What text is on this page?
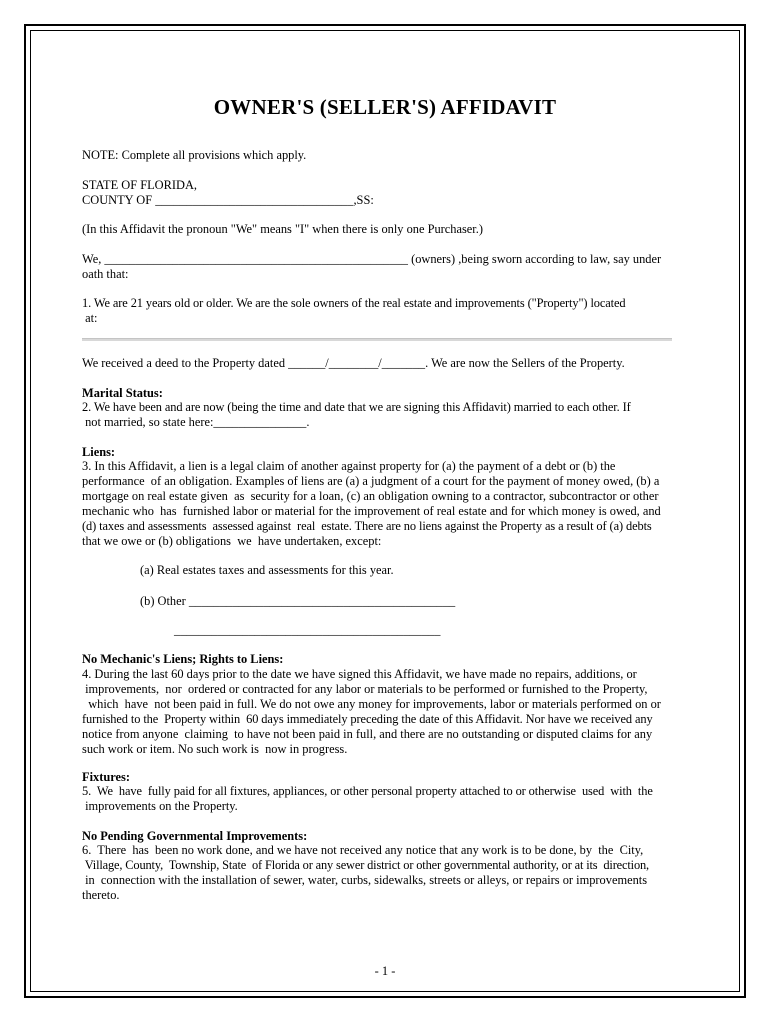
OWNER'S (SELLER'S) AFFIDAVIT
NOTE: Complete all provisions which apply.
STATE OF FLORIDA,
COUNTY OF ________________________________,SS:
(In this Affidavit the pronoun "We" means "I" when there is only one Purchaser.)
We, _________________________________________________ (owners) ,being sworn according to law, say under
oath that:
1. We are 21 years old or older. We are the sole owners of the real estate and improvements ("Property") located
at:
We received a deed to the Property dated ______/________/_______. We are now the Sellers of the Property.
Marital Status:
2. We have been and are now (being the time and date that we are signing this Affidavit) married to each other. If
not married, so state here:_______________.
Liens:
3. In this Affidavit, a lien is a legal claim of another against property for (a) the payment of a debt or (b) the
performance  of an obligation. Examples of liens are (a) a judgment of a court for the payment of money owed, (b) a
mortgage on real estate given  as  security for a loan, (c) an obligation owning to a contractor, subcontractor or other
mechanic who  has  furnished labor or material for the improvement of real estate and for which money is owed, and
(d) taxes and assessments  assessed against  real  estate. There are no liens against the Property as a result of (a) debts
that we owe or (b) obligations  we  have undertaken, except:
(a) Real estates taxes and assessments for this year.
(b) Other ___________________________________________
___________________________________________
No Mechanic's Liens; Rights to Liens:
4. During the last 60 days prior to the date we have signed this Affidavit, we have made no repairs, additions, or
improvements,  nor  ordered or contracted for any labor or materials to be performed or furnished to the Property,
which  have  not been paid in full. We do not owe any money for improvements, labor or materials performed on or
furnished to the  Property within  60 days immediately preceding the date of this Affidavit. Nor have we received any
notice from anyone  claiming  to have not been paid in full, and there are no outstanding or disputed claims for any
such work or item. No such work is  now in progress.
Fixtures:
5.  We  have  fully paid for all fixtures, appliances, or other personal property attached to or otherwise  used  with  the
improvements on the Property.
No Pending Governmental Improvements:
6.  There  has  been no work done, and we have not received any notice that any work is to be done, by  the  City,
Village, County,  Township, State  of Florida or any sewer district or other governmental authority, or at its  direction,
in  connection with the installation of sewer, water, curbs, sidewalks, streets or alleys, or repairs or improvements
thereto.
- 1 -
